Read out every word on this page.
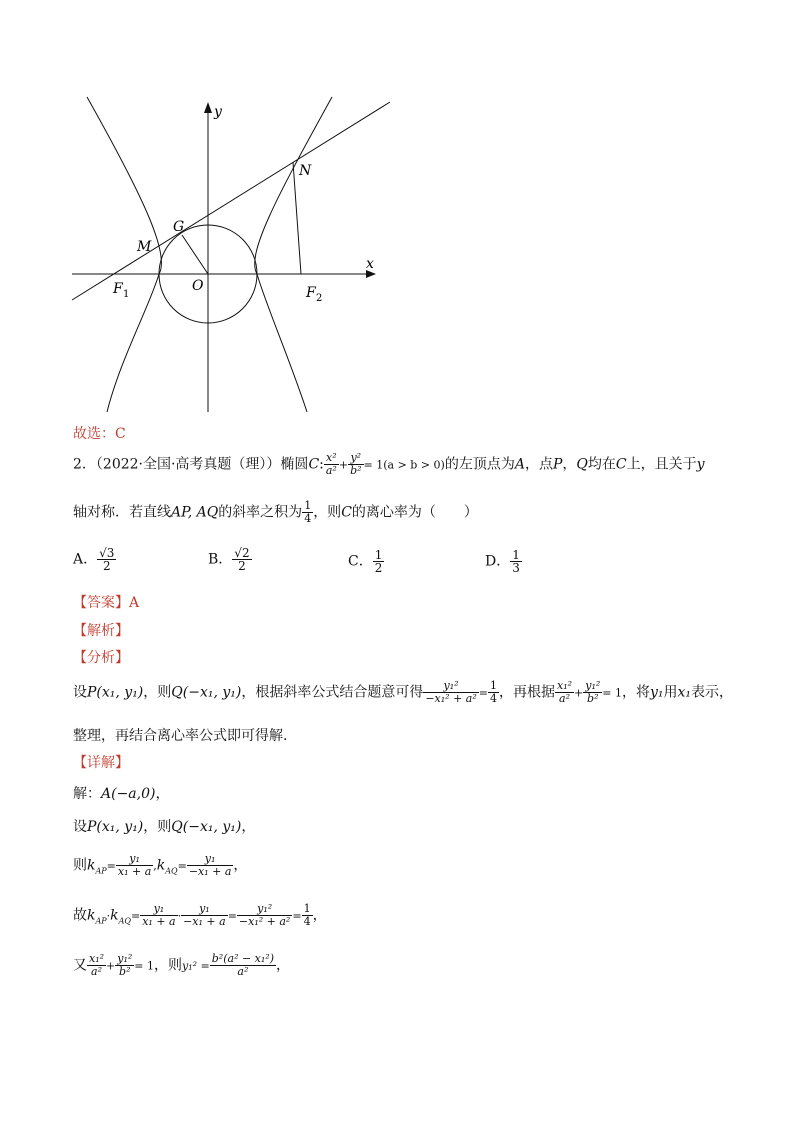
y
x
G
N
M
O
F 1	F 2
故选：C
2．（2022·全国·高考真题（理））椭圆C: $\frac{\text{x²}}{\text{a²}} + \frac{\text{y²}}{\text{b²}} = 1(a > b > 0)$的左顶点为A，点P，Q均在C上，且关于y
轴对称．若直线AP, AQ的斜率之积为 $\frac{1}{4}$ ，则C的离心率为（　　）
A． $\frac{√3}{2}$	B． $\frac{√2}{2}$	C． $\frac{1}{2}$	D． $\frac{1}{3}$
【答案】A
【解析】
【分析】
设P(x₁, y₁)，则Q(−x₁, y₁)，根据斜率公式结合题意可得 $\frac{\text{y₁²}}{\text{−x₁² + a²}} = \frac{1}{4}$ ，再根据 $\frac{\text{x₁²}}{\text{a²}} + \frac{\text{y₁²}}{\text{b²}} = 1$，将y₁用x₁表示，
整理，再结合离心率公式即可得解.
【详解】
解：A(−a,0)，
设P(x₁, y₁)，则Q(−x₁, y₁)，
则$k_{AP}= \frac{\text{y₁}}{\text{x₁ + a}} ,k_{AQ}= \frac{\text{y₁}}{\text{−x₁ + a}}$ ，
故$k_{AP}\cdot k_{AQ}= \frac{\text{y₁}}{\text{x₁ + a}} \cdot \frac{\text{y₁}}{\text{−x₁ + a}} = \frac{\text{y₁²}}{\text{−x₁² + a²}} = \frac{1}{4}$ ，
又 $\frac{\text{x₁²}}{\text{a²}} + \frac{\text{y₁²}}{\text{b²}} = 1$，则$y_1^2 = \frac{\text{b²(a² − x₁²)}}{\text{a²}}$ ，
